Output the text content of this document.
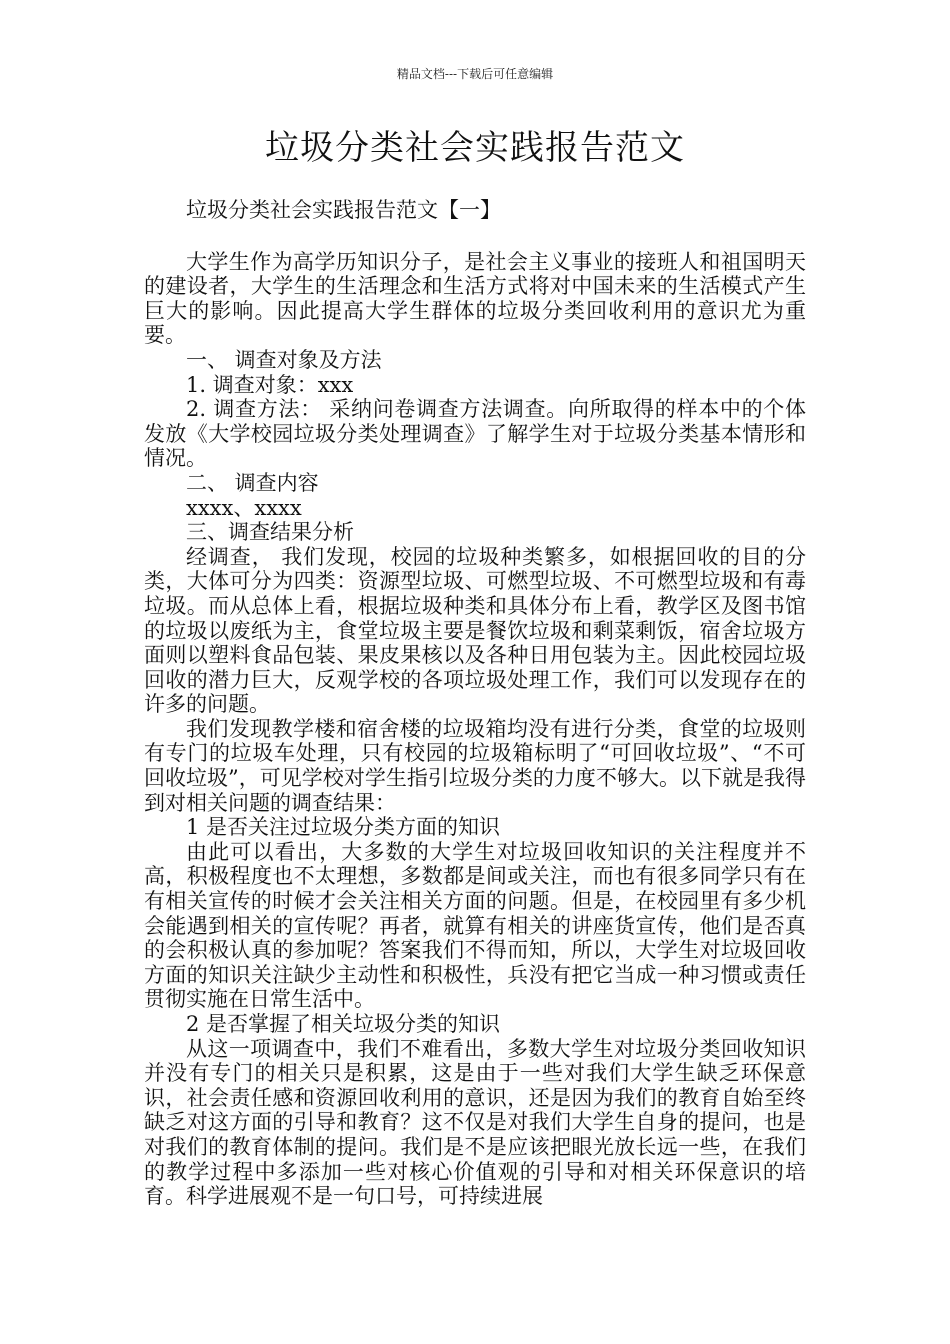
精品文档---下载后可任意编辑
垃圾分类社会实践报告范文

垃圾分类社会实践报告范文【一】

大学生作为高学历知识分子，是社会主义事业的接班人和祖国明天的建设者，大学生的生活理念和生活方式将对中国未来的生活模式产生巨大的影响。因此提高大学生群体的垃圾分类回收利用的意识尤为重要。

一、 调查对象及方法

1. 调查对象：xxx

2. 调查方法： 采纳问卷调查方法调查。向所取得的样本中的个体发放《大学校园垃圾分类处理调查》了解学生对于垃圾分类基本情形和情况。

二、 调查内容

xxxx、xxxx

三、调查结果分析

经调查， 我们发现，校园的垃圾种类繁多，如根据回收的目的分类，大体可分为四类：资源型垃圾、可燃型垃圾、不可燃型垃圾和有毒垃圾。而从总体上看，根据垃圾种类和具体分布上看，教学区及图书馆的垃圾以废纸为主，食堂垃圾主要是餐饮垃圾和剩菜剩饭，宿舍垃圾方面则以塑料食品包装、果皮果核以及各种日用包装为主。因此校园垃圾回收的潜力巨大，反观学校的各项垃圾处理工作，我们可以发现存在的许多的问题。

我们发现教学楼和宿舍楼的垃圾箱均没有进行分类，食堂的垃圾则有专门的垃圾车处理，只有校园的垃圾箱标明了“可回收垃圾”、“不可回收垃圾”，可见学校对学生指引垃圾分类的力度不够大。以下就是我得到对相关问题的调查结果：

1 是否关注过垃圾分类方面的知识

由此可以看出，大多数的大学生对垃圾回收知识的关注程度并不高，积极程度也不太理想，多数都是间或关注，而也有很多同学只有在有相关宣传的时候才会关注相关方面的问题。但是，在校园里有多少机会能遇到相关的宣传呢？再者，就算有相关的讲座货宣传，他们是否真的会积极认真的参加呢？答案我们不得而知，所以，大学生对垃圾回收方面的知识关注缺少主动性和积极性，兵没有把它当成一种习惯或责任贯彻实施在日常生活中。

2 是否掌握了相关垃圾分类的知识

从这一项调查中，我们不难看出，多数大学生对垃圾分类回收知识并没有专门的相关只是积累，这是由于一些对我们大学生缺乏环保意识，社会责任感和资源回收利用的意识，还是因为我们的教育自始至终缺乏对这方面的引导和教育？这不仅是对我们大学生自身的提问，也是对我们的教育体制的提问。我们是不是应该把眼光放长远一些，在我们的教学过程中多添加一些对核心价值观的引导和对相关环保意识的培育。科学进展观不是一句口号，可持续进展
